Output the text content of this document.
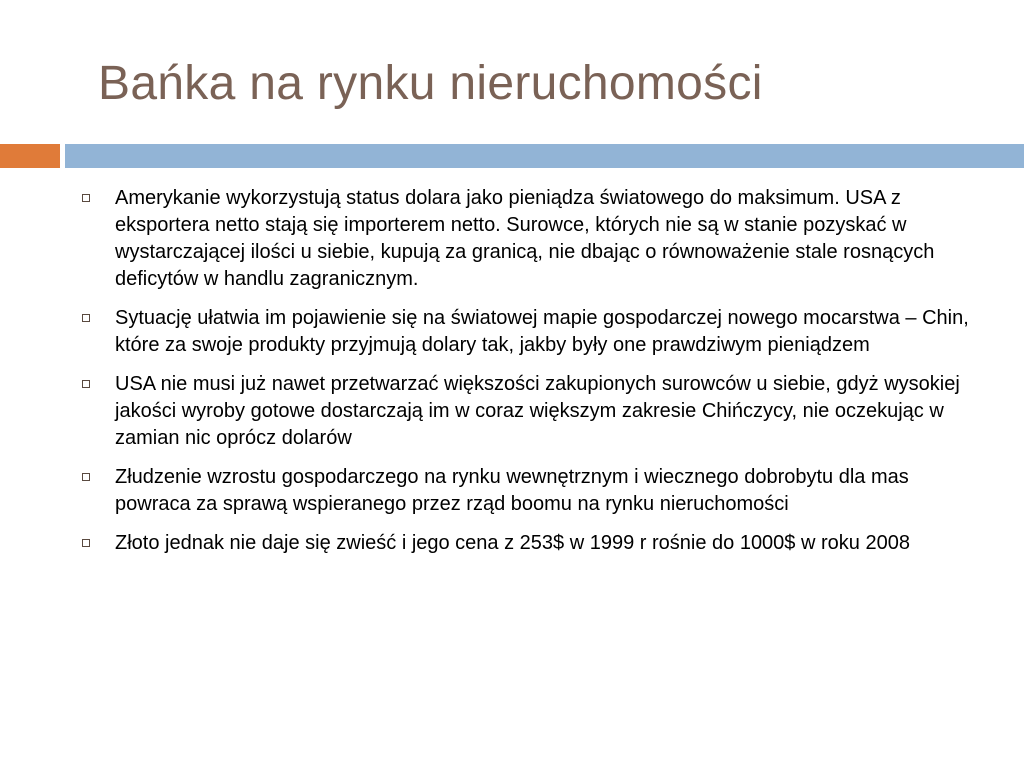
Bańka na rynku nieruchomości
Amerykanie wykorzystują status dolara jako pieniądza światowego do maksimum. USA z eksportera netto stają się importerem netto. Surowce, których nie są w stanie pozyskać w wystarczającej ilości u siebie, kupują za granicą, nie dbając o równoważenie stale rosnących deficytów w handlu zagranicznym.
Sytuację ułatwia im pojawienie się na światowej mapie gospodarczej nowego mocarstwa – Chin, które za swoje produkty przyjmują dolary tak, jakby były one prawdziwym pieniądzem
USA nie musi już nawet przetwarzać większości zakupionych surowców u siebie, gdyż wysokiej jakości wyroby gotowe dostarczają im w coraz większym zakresie Chińczycy, nie oczekując w zamian nic oprócz dolarów
Złudzenie wzrostu gospodarczego na rynku wewnętrznym i wiecznego dobrobytu dla mas powraca za sprawą wspieranego przez rząd boomu na rynku nieruchomości
Złoto jednak nie daje się zwieść i jego cena z 253$ w 1999 r rośnie do 1000$ w roku 2008
